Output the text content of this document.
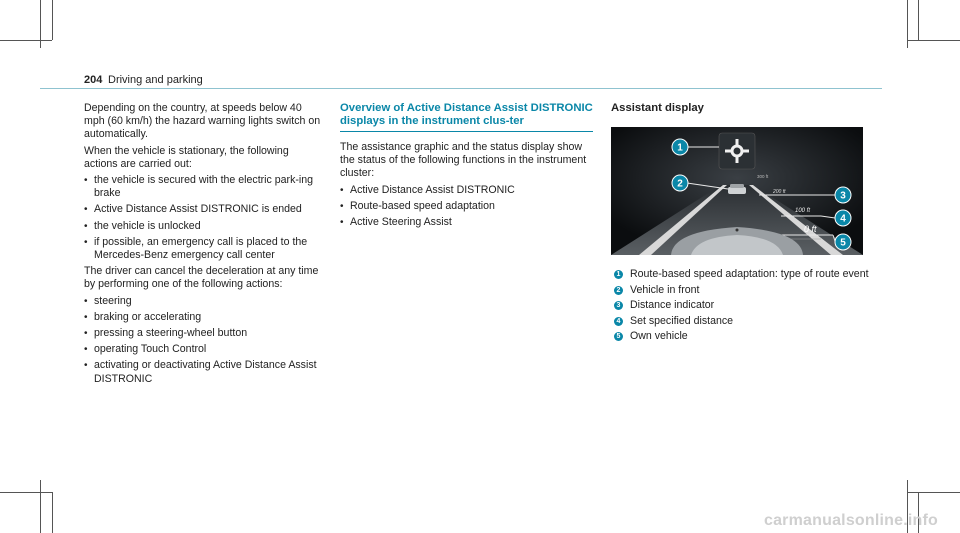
204 Driving and parking

Depending on the country, at speeds below 40 mph (60 km/h) the hazard warning lights switch on automatically.

When the vehicle is stationary, the following actions are carried out:

• the vehicle is secured with the electric park-ing brake
• Active Distance Assist DISTRONIC is ended
• the vehicle is unlocked
• if possible, an emergency call is placed to the Mercedes-Benz emergency call center

The driver can cancel the deceleration at any time by performing one of the following actions:

• steering
• braking or accelerating
• pressing a steering-wheel button
• operating Touch Control
• activating or deactivating Active Distance Assist DISTRONIC
Overview of Active Distance Assist DISTRONIC displays in the instrument clus-ter

The assistance graphic and the status display show the status of the following functions in the instrument cluster:

• Active Distance Assist DISTRONIC
• Route-based speed adaptation
• Active Steering Assist
Assistant display
300 ft
200 ft
100 ft
0 ft
1
2
3
4
5
1 Route-based speed adaptation: type of route event
2 Vehicle in front
3 Distance indicator
4 Set specified distance
5 Own vehicle
carmanualsonline.info
